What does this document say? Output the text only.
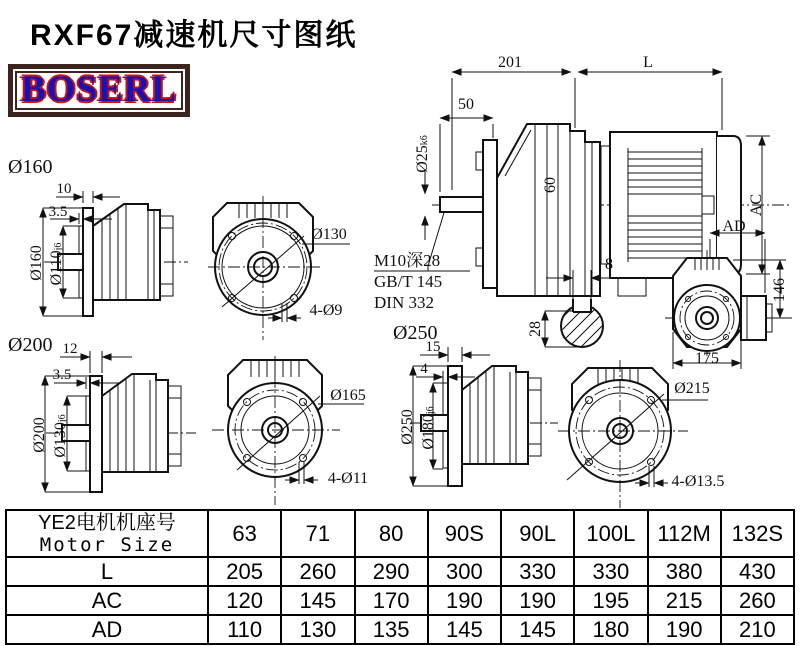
RXF67减速机尺寸图纸
BOSERL
Ø160
Ø200
Ø250
201	L
50
Ø25k6
60
AC
M10深28
GB/T 145
DIN 332
10
3.5
Ø160 Ø110j6
Ø130
4-Ø9
12
3.5
Ø200 Ø130j6
Ø165
4-Ø11
15
4
Ø250 Ø180j6
Ø215
4-Ø13.5
8
28
AD
146
175
YE2电机机座号
Motor Size	63	71	80	90S	90L	100L	112M	132S
L	205	260	290	300	330	330	380	430
AC	120	145	170	190	190	195	215	260
AD	110	130	135	145	145	180	190	210
